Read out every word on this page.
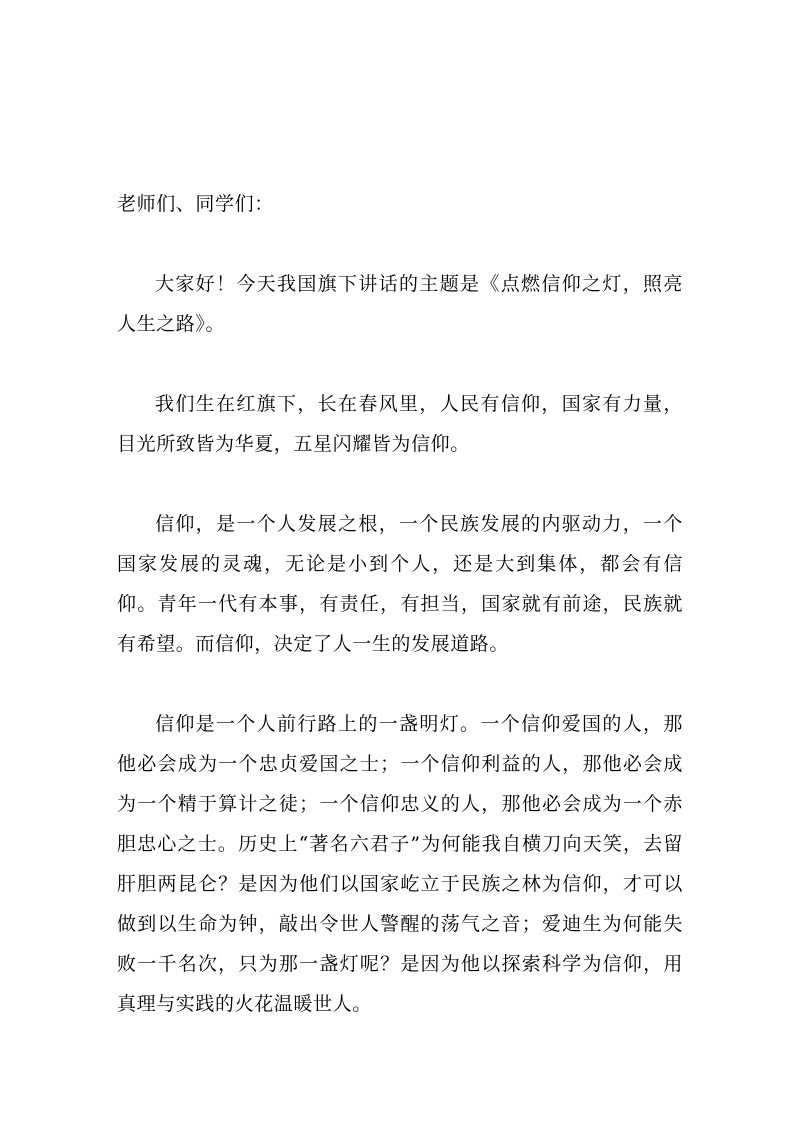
老师们、同学们：

大家好！今天我国旗下讲话的主题是《点燃信仰之灯，照亮人生之路》。

我们生在红旗下，长在春风里，人民有信仰，国家有力量，目光所致皆为华夏，五星闪耀皆为信仰。

信仰，是一个人发展之根，一个民族发展的内驱动力，一个国家发展的灵魂，无论是小到个人，还是大到集体，都会有信仰。青年一代有本事，有责任，有担当，国家就有前途，民族就有希望。而信仰，决定了人一生的发展道路。

信仰是一个人前行路上的一盏明灯。一个信仰爱国的人，那他必会成为一个忠贞爱国之士；一个信仰利益的人，那他必会成为一个精于算计之徒；一个信仰忠义的人，那他必会成为一个赤胆忠心之士。历史上“著名六君子”为何能我自横刀向天笑，去留肝胆两昆仑？是因为他们以国家屹立于民族之林为信仰，才可以做到以生命为钟，敲出令世人警醒的荡气之音；爱迪生为何能失败一千名次，只为那一盏灯呢？是因为他以探索科学为信仰，用真理与实践的火花温暖世人。
